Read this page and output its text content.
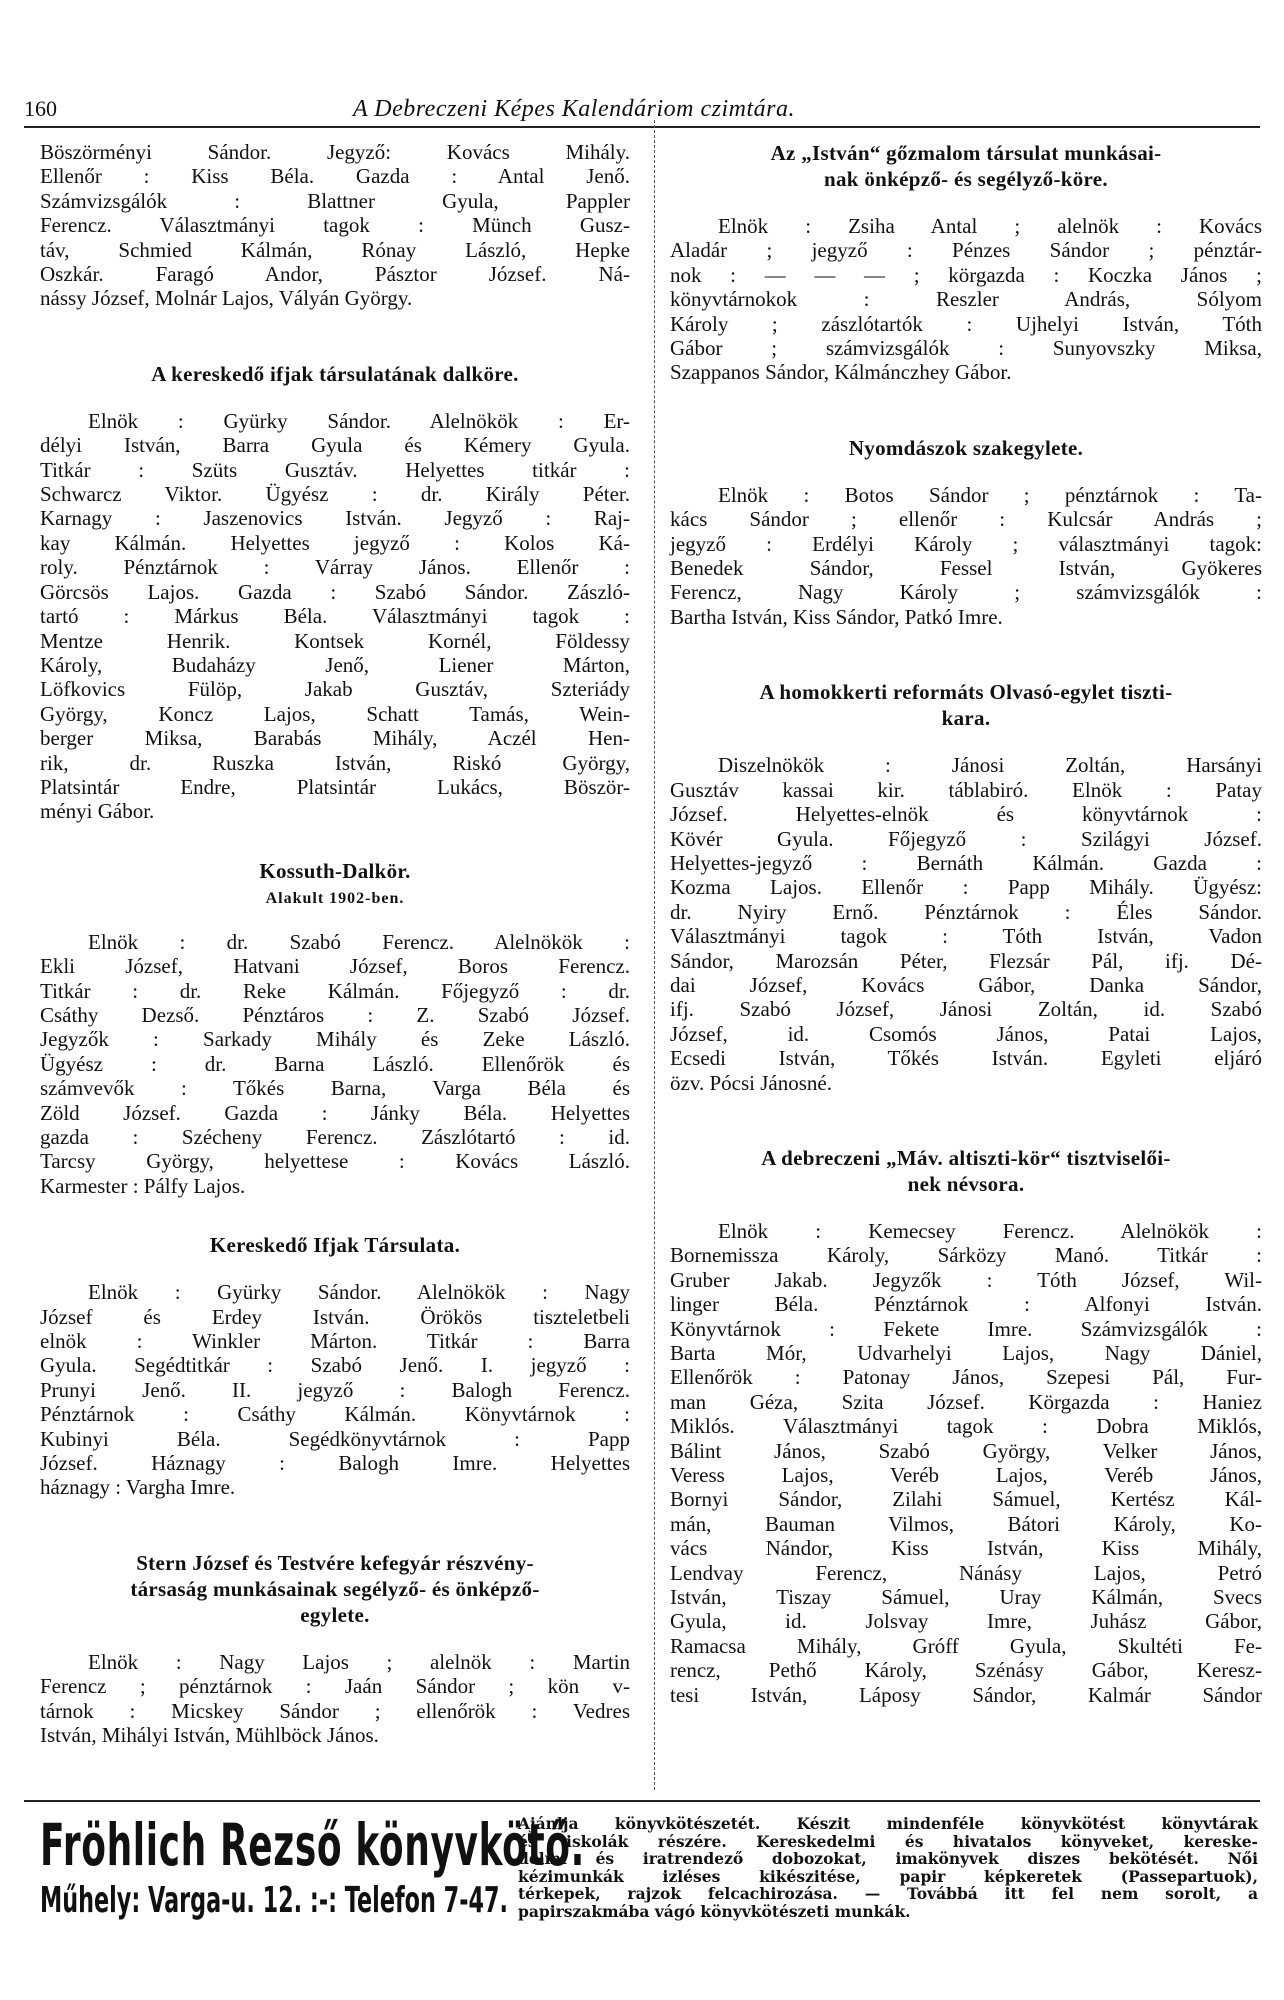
160	A Debreczeni Képes Kalendáriom czimtára.

Böszörményi Sándor. Jegyző: Kovács Mihály.
Ellenőr : Kiss Béla. Gazda : Antal Jenő.
Számvizsgálók : Blattner Gyula, Pappler
Ferencz. Választmányi tagok : Münch Gusz-
táv, Schmied Kálmán, Rónay László, Hepke
Oszkár. Faragó Andor, Pásztor József. Ná-
nássy József, Molnár Lajos, Vályán György.

A kereskedő ifjak társulatának dalköre.

Elnök : Gyürky Sándor. Alelnökök : Er-
délyi István, Barra Gyula és Kémery Gyula.
Titkár : Szüts Gusztáv. Helyettes titkár :
Schwarcz Viktor. Ügyész : dr. Király Péter.
Karnagy : Jaszenovics István. Jegyző : Raj-
kay Kálmán. Helyettes jegyző : Kolos Ká-
roly. Pénztárnok : Várray János. Ellenőr :
Görcsös Lajos. Gazda : Szabó Sándor. Zászló-
tartó : Márkus Béla. Választmányi tagok :
Mentze Henrik. Kontsek Kornél, Földessy
Károly, Budaházy Jenő, Liener Márton,
Löfkovics Fülöp, Jakab Gusztáv, Szteriády
György, Koncz Lajos, Schatt Tamás, Wein-
berger Miksa, Barabás Mihály, Aczél Hen-
rik, dr. Ruszka István, Riskó György,
Platsintár Endre, Platsintár Lukács, Böször-
ményi Gábor.

Kossuth-Dalkör.

Alakult 1902-ben.

Elnök : dr. Szabó Ferencz. Alelnökök :
Ekli József, Hatvani József, Boros Ferencz.
Titkár : dr. Reke Kálmán. Főjegyző : dr.
Csáthy Dezső. Pénztáros : Z. Szabó József.
Jegyzők : Sarkady Mihály és Zeke László.
Ügyész : dr. Barna László. Ellenőrök és
számvevők : Tőkés Barna, Varga Béla és
Zöld József. Gazda : Jánky Béla. Helyettes
gazda : Szécheny Ferencz. Zászlótartó : id.
Tarcsy György, helyettese : Kovács László.
Karmester : Pálfy Lajos.

Kereskedő Ifjak Társulata.

Elnök : Gyürky Sándor. Alelnökök : Nagy
József és Erdey István. Örökös tiszteletbeli
elnök : Winkler Márton. Titkár : Barra
Gyula. Segédtitkár : Szabó Jenő. I. jegyző :
Prunyi Jenő. II. jegyző : Balogh Ferencz.
Pénztárnok : Csáthy Kálmán. Könyvtárnok :
Kubinyi Béla. Segédkönyvtárnok : Papp
József. Háznagy : Balogh Imre. Helyettes
háznagy : Vargha Imre.

Stern József és Testvére kefegyár részvény-
társaság munkásainak segélyző- és önképző-
egylete.

Elnök : Nagy Lajos ; alelnök : Martin
Ferencz ; pénztárnok : Jaán Sándor ; kön v-
tárnok : Micskey Sándor ; ellenőrök : Vedres
István, Mihályi István, Mühlböck János.

Az „István“ gőzmalom társulat munkásai-
nak önképző- és segélyző-köre.

Elnök : Zsiha Antal ; alelnök : Kovács
Aladár ; jegyző : Pénzes Sándor ; pénztár-
nok : — — — ; körgazda : Koczka János ;
könyvtárnokok : Reszler András, Sólyom
Károly ; zászlótartók : Ujhelyi István, Tóth
Gábor ; számvizsgálók : Sunyovszky Miksa,
Szappanos Sándor, Kálmánczhey Gábor.

Nyomdászok szakegylete.

Elnök : Botos Sándor ; pénztárnok : Ta-
kács Sándor ; ellenőr : Kulcsár András ;
jegyző : Erdélyi Károly ; választmányi tagok:
Benedek Sándor, Fessel István, Gyökeres
Ferencz, Nagy Károly ; számvizsgálók :
Bartha István, Kiss Sándor, Patkó Imre.

A homokkerti reformáts Olvasó-egylet tiszti-
kara.

Diszelnökök : Jánosi Zoltán, Harsányi
Gusztáv kassai kir. táblabiró. Elnök : Patay
József. Helyettes-elnök és könyvtárnok :
Kövér Gyula. Főjegyző : Szilágyi József.
Helyettes-jegyző : Bernáth Kálmán. Gazda :
Kozma Lajos. Ellenőr : Papp Mihály. Ügyész:
dr. Nyiry Ernő. Pénztárnok : Éles Sándor.
Választmányi tagok : Tóth István, Vadon
Sándor, Marozsán Péter, Flezsár Pál, ifj. Dé-
dai József, Kovács Gábor, Danka Sándor,
ifj. Szabó József, Jánosi Zoltán, id. Szabó
József, id. Csomós János, Patai Lajos,
Ecsedi István, Tőkés István. Egyleti eljáró
özv. Pócsi Jánosné.

A debreczeni „Máv. altiszti-kör“ tisztviselői-
nek névsora.

Elnök : Kemecsey Ferencz. Alelnökök :
Bornemissza Károly, Sárközy Manó. Titkár :
Gruber Jakab. Jegyzők : Tóth József, Wil-
linger Béla. Pénztárnok : Alfonyi István.
Könyvtárnok : Fekete Imre. Számvizsgálók :
Barta Mór, Udvarhelyi Lajos, Nagy Dániel,
Ellenőrök : Patonay János, Szepesi Pál, Fur-
man Géza, Szita József. Körgazda : Haniez
Miklós. Választmányi tagok : Dobra Miklós,
Bálint János, Szabó György, Velker János,
Veress Lajos, Veréb Lajos, Veréb János,
Bornyi Sándor, Zilahi Sámuel, Kertész Kál-
mán, Bauman Vilmos, Bátori Károly, Ko-
vács Nándor, Kiss István, Kiss Mihály,
Lendvay Ferencz, Nánásy Lajos, Petró
István, Tiszay Sámuel, Uray Kálmán, Svecs
Gyula, id. Jolsvay Imre, Juhász Gábor,
Ramacsa Mihály, Gróff Gyula, Skultéti Fe-
rencz, Pethő Károly, Szénásy Gábor, Keresz-
tesi István, Láposy Sándor, Kalmár Sándor

Fröhlich Rezső könyvkötő.
Műhely: Varga-u. 12. :-: Telefon 7-47.
Ajánlja könyvkötészetét. Készit mindenféle könyvkötést könyvtárak
és iskolák részére. Kereskedelmi és hivatalos könyveket, kereske-
delmi és iratrendező dobozokat, imakönyvek diszes bekötését. Női
kézimunkák izléses kikészitése, papir képkeretek (Passepartuok),
térkepek, rajzok felcachirozása. — Továbbá itt fel nem sorolt, a
papirszakmába vágó könyvkötészeti munkák.
